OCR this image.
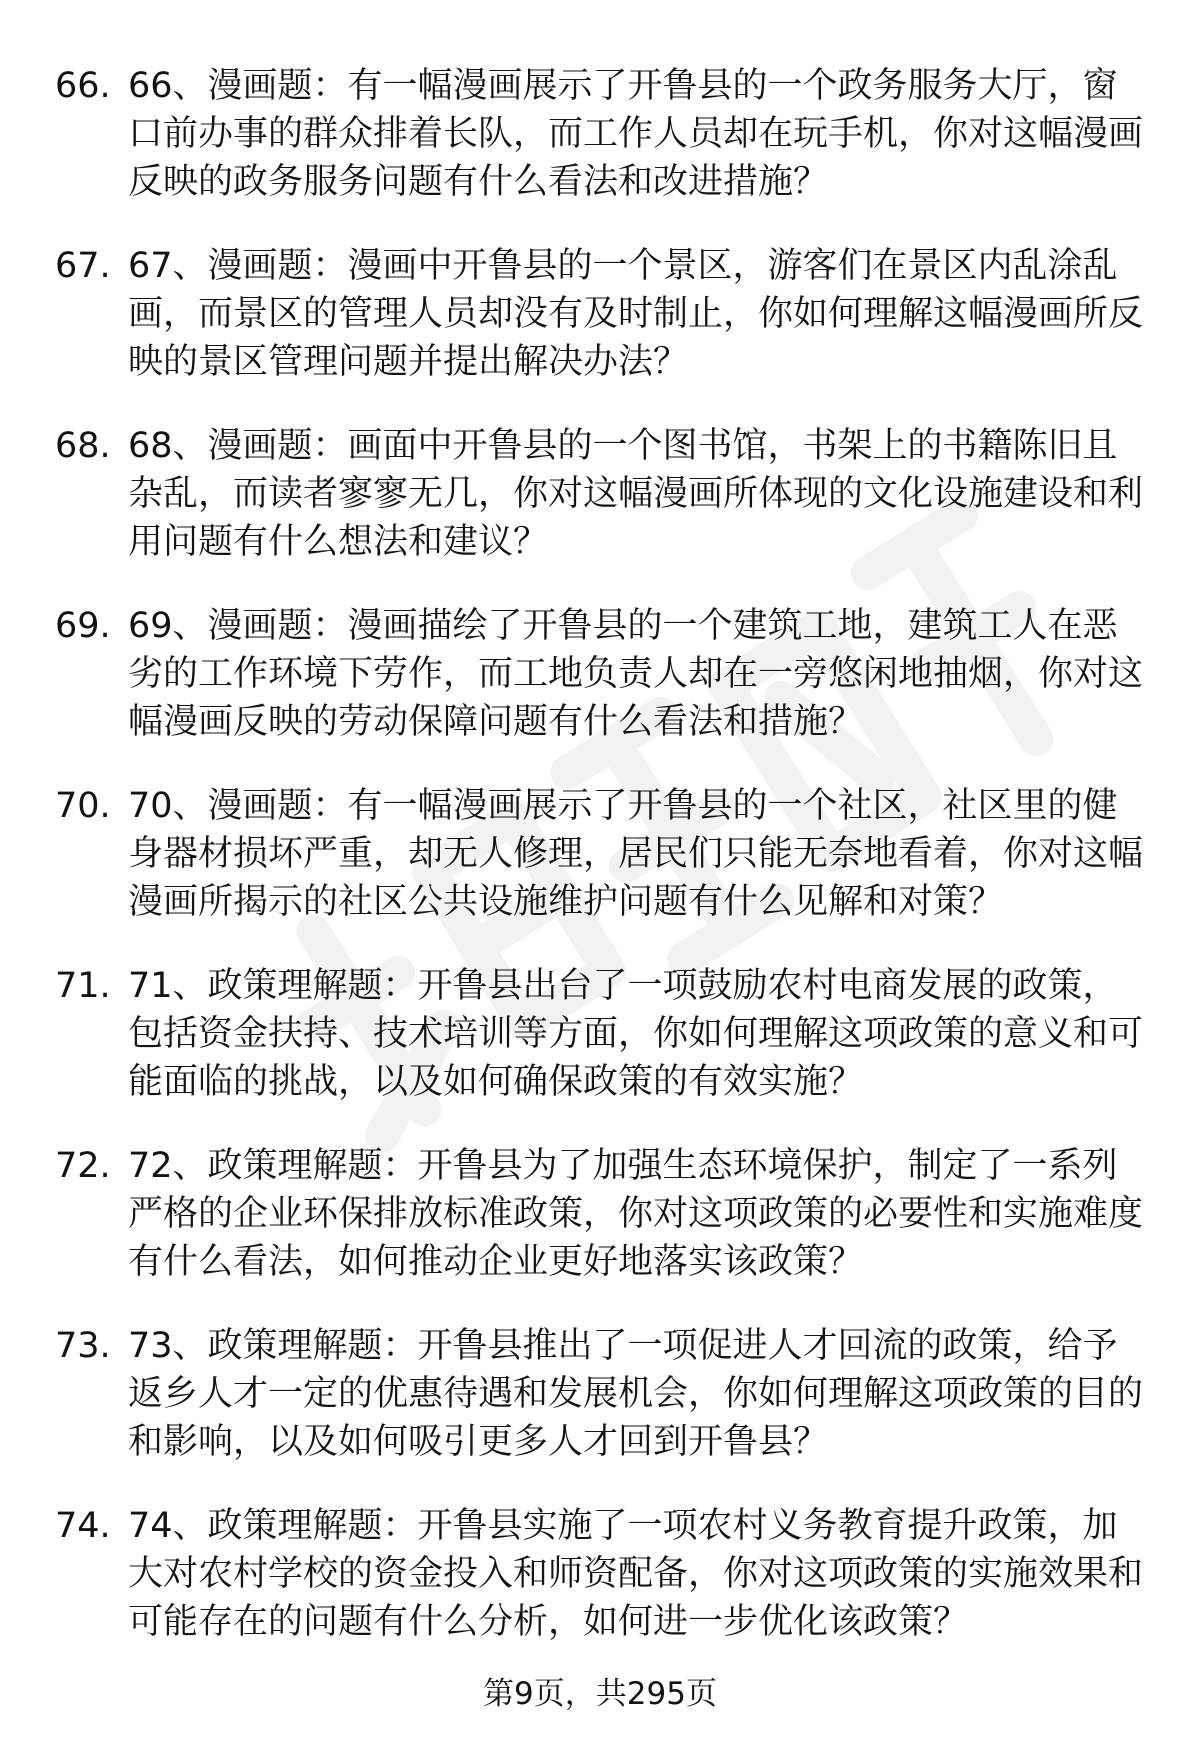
66. 66、漫画题：有一幅漫画展示了开鲁县的一个政务服务大厅，窗口前办事的群众排着长队，而工作人员却在玩手机，你对这幅漫画反映的政务服务问题有什么看法和改进措施？
67. 67、漫画题：漫画中开鲁县的一个景区，游客们在景区内乱涂乱画，而景区的管理人员却没有及时制止，你如何理解这幅漫画所反映的景区管理问题并提出解决办法？
68. 68、漫画题：画面中开鲁县的一个图书馆，书架上的书籍陈旧且杂乱，而读者寥寥无几，你对这幅漫画所体现的文化设施建设和利用问题有什么想法和建议？
69. 69、漫画题：漫画描绘了开鲁县的一个建筑工地，建筑工人在恶劣的工作环境下劳作，而工地负责人却在一旁悠闲地抽烟，你对这幅漫画反映的劳动保障问题有什么看法和措施？
70. 70、漫画题：有一幅漫画展示了开鲁县的一个社区，社区里的健身器材损坏严重，却无人修理，居民们只能无奈地看着，你对这幅漫画所揭示的社区公共设施维护问题有什么见解和对策？
71. 71、政策理解题：开鲁县出台了一项鼓励农村电商发展的政策，包括资金扶持、技术培训等方面，你如何理解这项政策的意义和可能面临的挑战，以及如何确保政策的有效实施？
72. 72、政策理解题：开鲁县为了加强生态环境保护，制定了一系列严格的企业环保排放标准政策，你对这项政策的必要性和实施难度有什么看法，如何推动企业更好地落实该政策？
73. 73、政策理解题：开鲁县推出了一项促进人才回流的政策，给予返乡人才一定的优惠待遇和发展机会，你如何理解这项政策的目的和影响，以及如何吸引更多人才回到开鲁县？
74. 74、政策理解题：开鲁县实施了一项农村义务教育提升政策，加大对农村学校的资金投入和师资配备，你对这项政策的实施效果和可能存在的问题有什么分析，如何进一步优化该政策？
第9页，共295页
